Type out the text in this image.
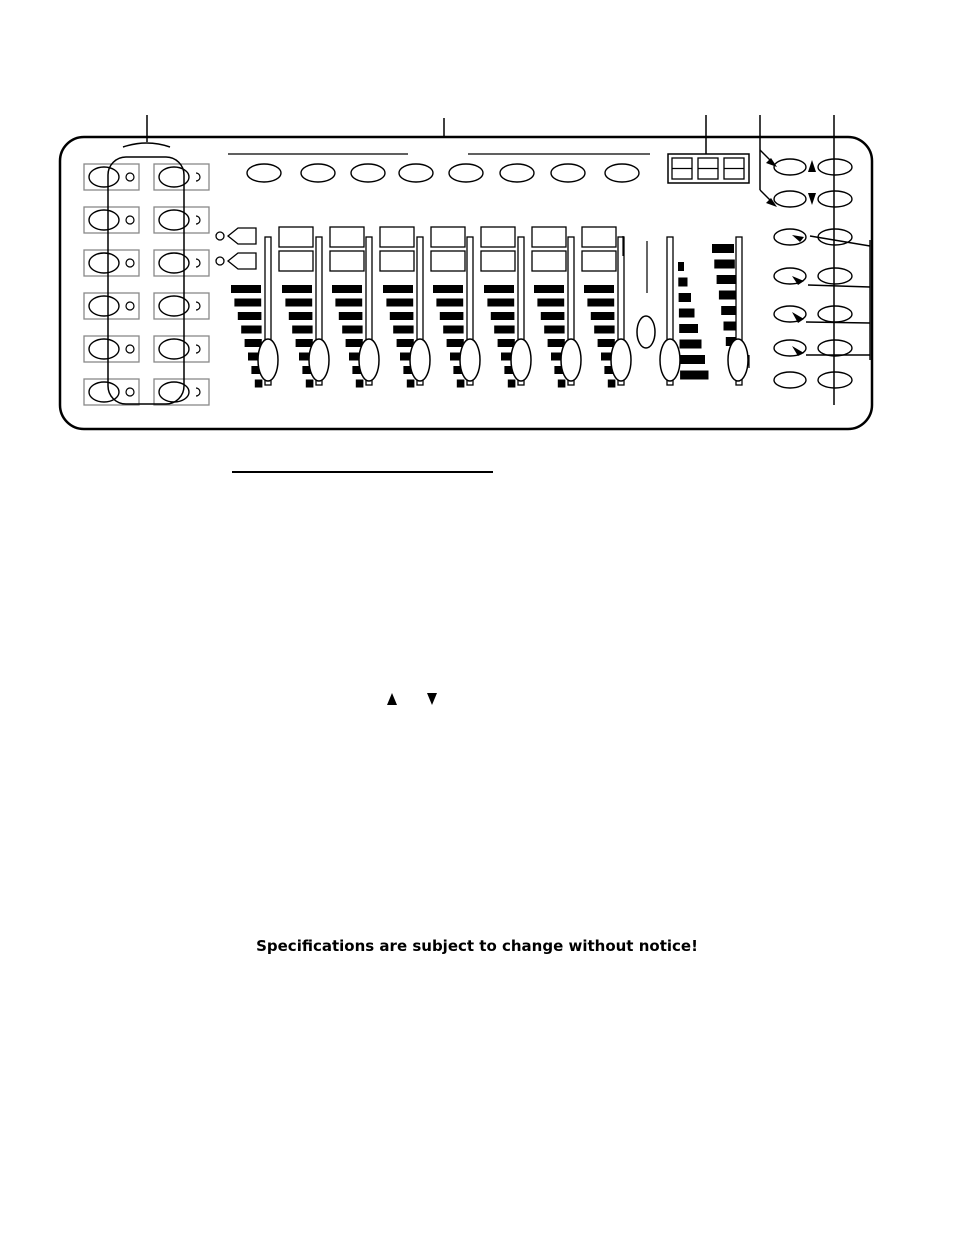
Specifications are subject to change without notice!
